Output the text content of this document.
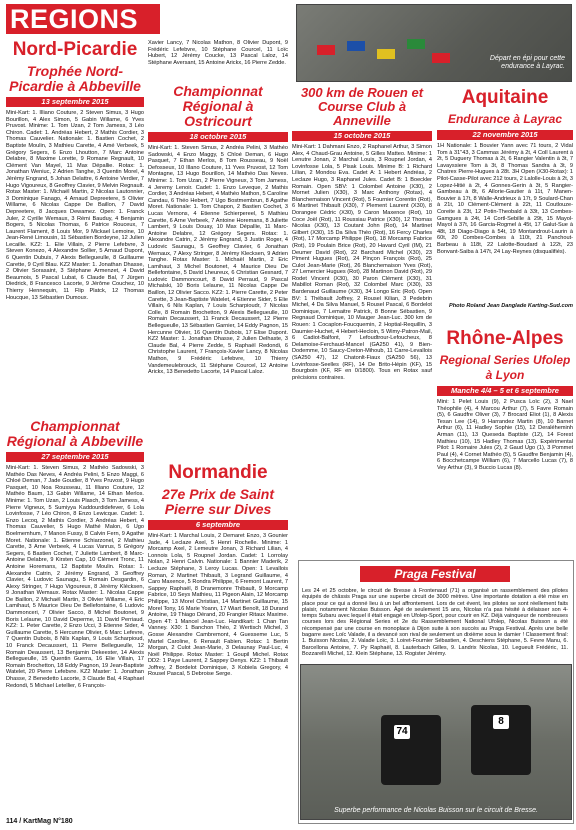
REGIONS
Nord-Picardie
Trophée Nord-Picardie à Abbeville
13 septembre 2015
Mini-Kart: 1. Illiano Couture, 2 Steven Simus, 3 Hugo Bourillon, 4 Alex Simon, 5 Gabin Willame, 6 Yves Pruvost. Minime: 1. Tom Uzan, 2 Tom Jamess, 3 Léo Chiron. Cadet: 1. Andréas Hebert, 2 Mathis Cordier, 3 Thomas Cauvelier. Nationale: 1. Bastien Cochet, 2 Baptiste Moulin, 3 Mathieu Carette, 4 Amé Verbeek, 5 Grégory Segers, 6 Enzo Lhoutton, 7 Marc Antoine Delabre, 8 Maxime Lorette, 9 Romane Regnault, 10 Clément Van Mayel, 11 Max Dépallie. Rotax: 1. Jonathan Weniuc, 2 Adrien Tanghe, 3 Quentin Morel, 4 Jérémy Engrand, 5 Johan Delattre, 6 Antoine Verdier, 7 Hugo Vigoureux, 8 Geoffrey Clavier, 9 Melvin Regnault. Rotax Master: 1. Michaël Martin, 2 Nicolas Lautonnier, 3 Dominique Fanago, 4 Arnaud Depreetere, 5 Olivier Willame, 6 Nicolas Cappe De Baillon, 7 David Depreetere, 8 Jacques Dewamez. Open: 1. Franck Juler, 2 Cyrille Wemaux, 3 Rémi Bauduy, 4 Benjamin Bogers, 5 Nicolas Thomas, 6 Patrice Rouceux, 7 Laurent Flament, 8 Louis Mor, 9 Mickael Lemoine, 10 Jean-René Limousin, 11 Sébastien Bordeyne, 12 Julien Lecaille. KZ2: 1. Elie Villain, 2 Pierre Lefebvre, 3 Steven Konezo, 4 Alexandre Sollier, 5 Arnaud Dupont, 6 Quentin Dubuis, 7 Alexis Bellegueulle, 8 Guillaume Carette, 9 Cyril Blau. KZ2 Master: 1. Jonathan Dhasse, 2 Olivier Sorasaint, 3 Stéphane Armenzet, 4 David Beaumois, 5 Pascal Lubat, 6 Claude Bal, 7 Jürgen Diedrick, 8 Francesco Lacorte, 9 Jérôme Couchez, 10 Thierry Hennequin, 11 Flip Platck, 12 Thomas Houcque, 13 Sébastien Dumoux.
Championnat Régional à Abbeville
27 septembre 2015
Mini-Kart: 1. Steven Simus, 2 Mathéo Sadowski, 3 Mathéo Das Neves, 4 Andréa Pelini, 5 Enzo Maggi, 6 Chloé Deman, 7 Jade Goudier, 8 Yves Pruvost, 9 Hugo Pasquet, 10 Noa Rousseau, 11 Illiano Couture, 12 Mathéo Baum, 13 Gabin Willame, 14 Ethan Merlos. Minime: 1. Tom Uzan, 2 Louis Plasch, 3 Tom Jamess, 4 Pierre Vigneux, 5 Sumiyya Kaddourdidefever, 6 Lola Lovinfosse, 7 Léo Chiron, 8 Enzo Lewicque. Cadet: 1. Enzo Lecoq, 2 Mathis Cordier, 3 Andréas Hebert, 4 Thomas Cauvelier, 5 Hugo Mathé Malon, 6 Ugo Boelmemhum, 7 Manon Fussy, 8 Calvin Fern, 9 Agathe Moret. Nationale: 1. Etienne Schiarzonel, 2 Mathieu Carette, 3 Arne Verbeek, 4 Lucas Vanrus, 5 Grégory Segers, 6 Bastien Cochet, 7 Juliette Lambert, 8 Marc-Antoine Delabre, 9 Kirsten Cap, 10 Clément Tronc, 11 Antoine Horemans, 12 Baptiste Moulin. Rotax: 1. Alexandre Catrin, 2 Jérémy Engrand, 3 Geoffrey Clavier, 4 Ludovic Saunagu, 5 Romain Desgardin, 6 Alexy Stringer, 7 Hugo Vigoureux, 8 Jérémy Klécksen, 9 Jonathan Wemaux. Rotax Master: 1. Nicolas Cappe De Baillon, 2 Michaël Martin, 3 Olivier Willame, 4 Eric Lamihaut, 5 Maurice Dieu De Bellefontaine, 6 Ludovic Dammonceri, 7 Olivier Sacco, 8 Michel Boutonet, 9 Boris Lelaune, 10 David Deperme, 11 David Perriaud. KZ2: 1. Peter Carette, 2 Enzo Ucci, 3 Etienne Sider, 4 Guillaume Carette, 5 Hercunne Olivier, 6 Marc Lefevre, 7 Quentin Dubois, 8 Nils Kaplan, 9 Louis Scharpioud, 10 Franck Decaussert, 11 Pierre Bellegueulle, 12 Romain Deaussert, 13 Benjamin Dekeester, 14 Alexis Bellegueulle, 15 Quentin Guerra, 16 Elie Villain, 17 Romain Brochetton, 18 Eddy Pagnon, 19 Jean-Baptiste Watelet, 20 Pierre Lefebvre. KZ2 Master: 1. Jonathan Dhasse, 2 Benedetto Lacorte, 3 Claude Bal, 4 Raphael Redondi, 5 Michael Letellier, 6 François-
Xavier Lancy, 7 Nicolas Mathon, 8 Olivier Dupont, 9 Frédéric Lefebvre, 10 Stéphane Courcel, 11 Loïc Hubert, 12 Jérémy Coucke, 13 Pascal Laloz, 14 Stéphane Aversant, 15 Antoine Arickx, 16 Pierre Zedde.
Championnat Régional à Ostricourt
18 octobre 2015
Mini-Kart: 1. Steven Simus, 2 Andréa Pelini, 3 Mathéo Sadowski, 4 Enzo Maggy, 5 Chloé Deman, 6 Hugo Pasquet, 7 Ethan Merlos, 8 Tom Rousseau, 9 Noël Defosseux, 10 Illano Couture, 11 Yves Pruvost, 12 Tom Montagne, 13 Hugo Bourillon, 14 Mathéo Das Neves. Minime: 1. Tom Uzan, 2 Pierre Vigneux, 3 Tom Jamess, 4 Jeremy Lenoir. Cadet: 1. Enzo Leveque, 2 Mathis Cordier, 3 Andréas Hebert, 4 Mathéo Mathon, 5 Caroline Candau, 6 Théo Hebert, 7 Ugo Bostmembrun, 8 Agathe Moret. Nationale: 1. Tom Chapon, 2 Bastien Cochet, 3 Lucas Vernons, 4 Etienne Schierpereel, 5 Mathieu Carette, 6 Arne Verbeek, 7 Antoine Horemans, 8 Juliette Lambert, 9 Louis Douay, 10 Max Dépallie, 11 Marc-Antoine Delabre, 12 Grégory Segers. Rotax: 1. Alexandre Catrin, 2 Jérémy Engrand, 3 Justin Roger, 4 Ludovic Saunagu, 5 Geoffrey Clavier, 6 Jonathan Wemaux, 7 Alexy Stringer, 8 Jérémy Klecksen, 9 Adrien Tanghe. Rotax Master: 1. Michaël Martin, 2 Eric Lamihaut, 3 Michel Boutonet, 4 Maurice Dieu De Bellefontaine, 5 David Lheureux, 6 Christian Gesnard, 7 Ludovic Dammoncourt, 8 David Perraud, 9 Pascal Michalski, 10 Boris Lelaune, 11 Nicolas Cappe De Baillon, 12 Olivier Sacco. KZ2: 1. Pierre Carette, 2 Peter Carette, 3 Jean-Baptiste Watelet, 4 Etienne Sider, 5 Elie Villain, 6 Nils Kaplan, 7 Louis Scharpioudr, 7 Nicolas Colle, 8 Romain Brochetton, 9 Alexis Bellegueulle, 10 Romain Decaussert, 11 Franck Decaussert, 12 Pierre Bellegueulle, 13 Sébastien Garnier, 14 Eddy Pagnon, 15 Hercunne Olivier, 16 Quentin Dubois, 17 Elise Dupont. KZ2 Master: 1. Jonathan Dhasse, 2 Julien Delhaste, 3 Claude Bal, 4 Pierre Zedde, 5 Raphaël Redondi, 6 Christophe Laurent, 7 François-Xavier Lancy, 8 Nicolas Mathon, 9 Frédéric Lefebvre, 10 Thierry Vandemeulebrouck, 11 Stéphane Courcel, 12 Antoine Arickx, 13 Benedetto Lacorte, 14 Pascal Laloz.
Normandie
27e Prix de Saint Pierre sur Dives
6 septembre
Mini-Kart: 1 Marchal Louis, 2 Demaret Enzo, 3 Gounier Jade, 4 Leclaze Axel, 5 Henri Rochelle. Minime: 1 Morcamp Axel, 2 Lemeutre Jonan, 3 Richard Lilian, 4 Lonnois Lola, 5 Roupnel Jordan. Cadet: 1 Lorrolay Nolan, 2 Henri Calvin. Nationale: 1 Bannier Maderik, 2 Lecluze Stéphane, 3 Leroy Lucas. Open: 1 Levallois Roman, 2 Martinet Thibault, 3 Legrand Guillaume, 4 Caro Maxence, 5 Rondra Philippe, 6 Fremont Laurent, 7 Sappey Raphaël, 8 Dranemonre Thibault, 9 Morcamp Fabrice, 10 Seys Mathieu, 11 Pigeon Alain, 12 Morcamp Philippe, 13 Morel Christian, 14 Martinet Guillaume, 15 Morel Tony, 16 Marie Yoann, 17 Wiart Benoît, 18 Durand Antoine, 19 Thiago Dérand, 20 Frangier Ritaux Maxime. Open 4T: 1 Mancel Jean-Luc. Handikart: 1 Chan Tan Vanney. X30: 1 Banchon Théo, 2 Wertisch Michel, 3 Gosse Alexandre Cambremont, 4 Guesseme Luc, 5 Martel Caroline, 6 Renault Fabien. Rotax: 1 Bertin Morgan, 2 Culot Jean-Marie, 3 Delaunay Paul-Luc, 4 Noël Philippe. Rotax Master: 1 Goupil Michel. Rotax DD2: 1 Paye Laurent, 2 Sappey Denys. KZ2: 1 Thibault Joffrey, 2 Bordelot Dominique, 3 Kobiela Gregory, 4 Rousel Pascal, 5 Debroise Serge.
300 km de Rouen et Course Club à Anneville
15 octobre 2015
Mini-Kart: 1 Dahmani Enzo, 2 Raphanel Arthur, 3 Simon Alex, 4 Chaud-Grau Antoine, 5 Gilles Matteo. Minime: 1 Lenutre Jonan, 2 Marchal Louis, 3 Roupnel Jordan, 4 Lovinfosse Lola, 5 Pisak Louis. Minime B: 1 Richard Lilian, 2 Mondou Eva. Cadet A: 1 Hebert Andréas, 2 Leclaze Hugo, 3 Raphanel Jules. Cadet B: 1 Boeckler Romain. Open SBV: 1 Colombel Antoine (X30), 2 Mornet Julien (X30), 3 Marc Anthony (Rotax), 4 Blanchemaison Vincent (Rot), 5 Fournier Corentin (Rot), 6 Martinet Thibault (X30), 7 Plement Laurent (X30), 8 Dorangee Cédric (X30), 9 Caron Maxence (Rot), 10 Coce Joël (Rot), 11 Roussiau Patrice (X30), 12 Thomas Nicolas (X30), 13 Coutant John (Rot), 14 Martinet Gilbert (X30), 15 Da Silva Théo (Rot), 16 Fercy Charles (Rot), 17 Morcamp Philippe (Rot), 18 Morcamp Fabrice (Rot), 19 Poulain Brice (Rot), 20 Havard Cyril (IM), 21 Deumer David (Rot), 22 Barchard Michel (X30), 23 Piment Hugues (Rot), 24 Pinçon François (Rot), 25 Culot Jean-Marie (Rot), 26 Blanchemaison Yves (Rot), 27 Lemercier Hugues (Rot), 28 Martinon David (Rot), 29 Rodet Vincent (X30), 30 Paron Clément (X30), 31 Mabillot Roman (Rot), 32 Colombel Marc (X30), 33 Bardenaud Guillaume (X30), 34 Longo Eric (Rot). Open BV: 1 Thébault Joffrey, 2 Rousel Kilian, 3 Pedebrin Michel, 4 Da Silva Manuel, 5 Rousel Pascal, 6 Bordelot Dominique, 7 Lemaitre Patrick, 8 Bonne Sébastien, 9 Regnaud Dominique, 10 Mauger Jean-Luc. 300 km de Rouen: 1 Cocaplon-Foucquemin, 2 Hoptial-Requillin, 3 Daumier-Huchet, 4 Hebert-Hecloin, 5 Wimy-Patron-Mail, 6 Cadiot-Balfont, 7 Lefoudtrour-Lefoucheux, 8 Delamoise-Ferchaud-Mancel (GA250 41), 9 Bien-Dodemme, 10 Saucy-Creton-Mihoub, 11 Carre-Levallois (SA250 47), 12 Chatonlt-Fiaux (SA250 56), 13 Lovinfosse-Seelles (RF), 14 De Brito-Hépin (KF), 15 Bourgboin (KF, RF en 0/1800). Tous en Rotax sauf précisions contraires.
Aquitaine
Endurance à Layrac
22 novembre 2015
1H Nationale: 1 Bouvier Yann avec 71 tours, 2 Vidal Tom à 31"43, 3 Cammas Jérémy à 2t, 4 Coll Laurent à 2t, 5 Duguery Thomas à 2t, 6 Rangier Valentin à 3t, 7 Lavayssiere Tom à 3t, 8 Thomas Sandra à 3t, 9 Chatrex Pierre-Hugues à 28t. 3H Open (X30-Rotax): 1 Pilot-Casse-Pilot avec 212 tours, 2 Lalolle-Louis à 2t, 3 Lopez-Hitié à 2t, 4 Gonnes-Gerin à 3t, 5 Rangier-Gambeau à 8t, 6 Allorie-Gautier à 11t, 7 Manen-Bouvier à 17t, 8 Walle-Andrieux à 17t, 9 Soulard-Chan à 21t, 10 Clément-Clément à 22t, 11 Coutlouze-Coreite à 23t, 12 Potin-Theobald à 33t, 13 Combes-Gamgues à 24t, 14 Cortl-Sebille à 29t, 15 Mayol-Mayol à 37t, 16 Garcia-Rogmel à 45t, 17 Galut-Sue à 48t, 18 Diago-Diago à 54t, 19 Montandrout-Laurin à 60t, 20 Combes-Combes à 110t, 21 Panchout-Barbeau à 118t, 22 Lalotte-Boudard à 122t, 23 Bonvant-Saiba à 147t, 24 Lay-Reynes (disqualifiés).
Photo Roland Jean Danglade Karting-Sud.com
Rhône-Alpes
Regional Series Ufolep à Lyon
Manche 4/4 – 5 et 6 septembre
Mini: 1 Pelet Louis (9), 2 Pusca Loïc (2), 3 Nael Théophile (4), 4 Marcou Arthur (7), 5 Favre Romain (5), 6 Gaudfre Oliver (3), 7 Brocard Eliot (1), 8 Alexis Tesan Lee (14), 9 Harrandez Martin (8), 10 Barnet Arthur (6), 11 Hadley Sophie (15), 12 Deraléheminh Arman (11), 13 Queseda Baptiste (12), 14 Forest Mathieu (10), 15 Hadley Thomas (13). Expérimental Pilot: 1 Romaire Jules (2), 2 Gaud Ugo (1), 3 Pommet Paul (4), 4 Cornet Mathéo (5), 5 Gaudfre Benjamin (4), 6 Bocchetcampe William (6), 7 Marcello Lucas (7), 8 Vey Arthur (3), 9 Buccio Lucas (8).
Départ en épi pour cette endurance à Layrac.
Praga Festival
Les 24 et 25 octobre, le circuit de Bresse à Frontenaud (71) a organisé un rassemblement des pilotes équipés de châssis Praga sur une superbe circuit de 3000 mètres. Une importante dotation a été mise en place pour ce qui a donné lieu à un bel affrontement. Lors de cet évent, les pilotes se sont réellement faits plaisir, notamment Nicolas Buisson. Âgé de seulement 15 ans, Nicolas n'a pas hésité à délaisser son 4-temps Subaru avec lequel il était engagé en Ufolep-Sport, pour courir en KZ. Déjà vainqueur de nombreuses courses lors des Régional Series et 2e du Rassemblement National Ufolep, Nicolas Buisson a été récompensé par une course en monoplace à Dijon suite à son succès au Praga Festival. Après une belle bagarre avec Loïc Valade, il a devancé son rival de seulement un dixième sous le damier ! Classement final: 1. Buisson Nicolas, 2. Valade Loïc, 3. Loiret-Fournier Sébastien, 4. Deschiens Stéphane, 5. Fevre Manu, 6. Barcellona Antoine, 7. Py Raphaël, 8. Lauterbach Gilles, 9. Landrix Nicolas, 10. Legueult Frédéric, 11. Bozzarelli Michel, 12. Klein Stéphane, 13. Rogister Jérémy.
74
8
Superbe performance de Nicolas Buisson sur le circuit de Bresse.
114 / KartMag N°180
